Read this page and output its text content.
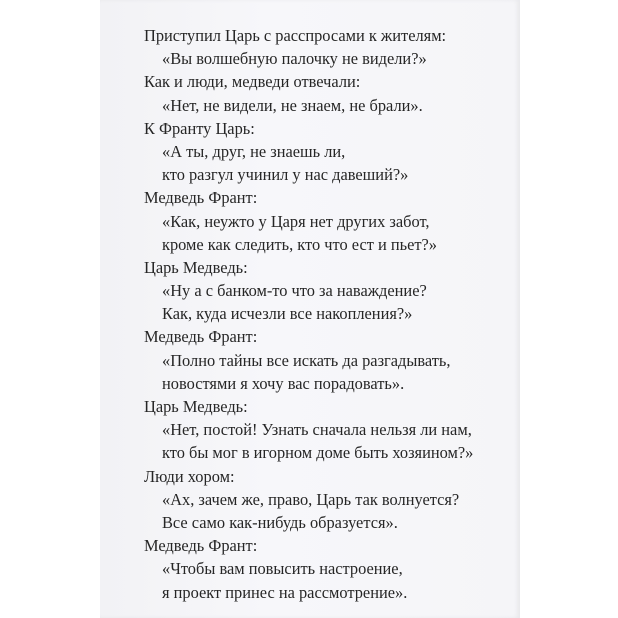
Приступил Царь с расспросами к жителям:
«Вы волшебную палочку не видели?»
Как и люди, медведи отвечали:
«Нет, не видели, не знаем, не брали».
К Франту Царь:
«А ты, друг, не знаешь ли,
кто разгул учинил у нас давеший?»
Медведь Франт:
«Как, неужто у Царя нет других забот,
кроме как следить, кто что ест и пьет?»
Царь Медведь:
«Ну а с банком-то что за наваждение?
Как, куда исчезли все накопления?»
Медведь Франт:
«Полно тайны все искать да разгадывать,
новостями я хочу вас порадовать».
Царь Медведь:
«Нет, постой! Узнать сначала нельзя ли нам,
кто бы мог в игорном доме быть хозяином?»
Люди хором:
«Ах, зачем же, право, Царь так волнуется?
Все само как-нибудь образуется».
Медведь Франт:
«Чтобы вам повысить настроение,
я проект принес на рассмотрение».
